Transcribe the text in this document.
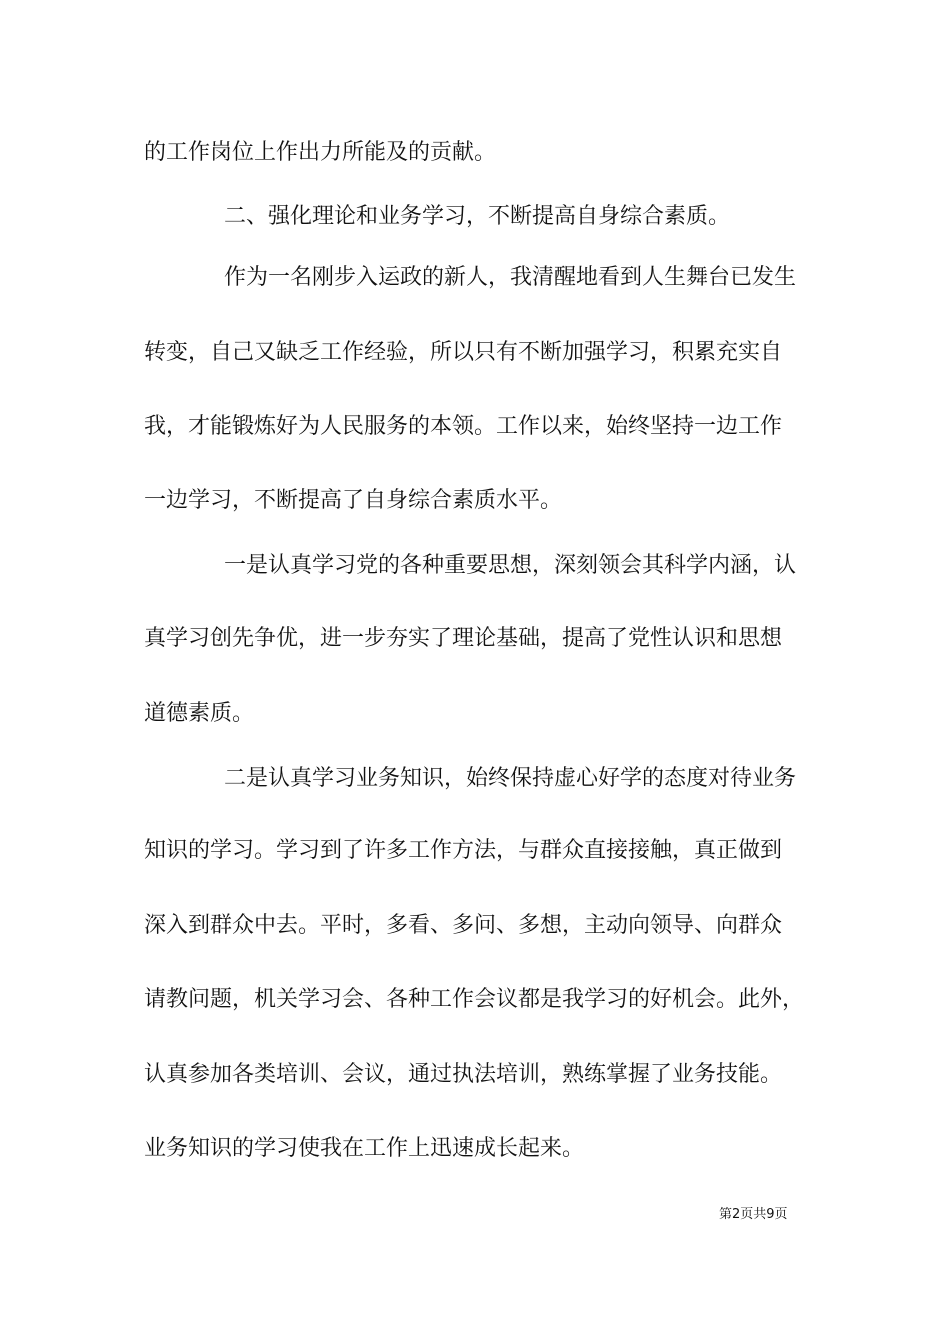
的工作岗位上作出力所能及的贡献。

二、强化理论和业务学习，不断提高自身综合素质。

作为一名刚步入运政的新人，我清醒地看到人生舞台已发生

转变，自己又缺乏工作经验，所以只有不断加强学习，积累充实自

我，才能锻炼好为人民服务的本领。工作以来，始终坚持一边工作

一边学习，不断提高了自身综合素质水平。

一是认真学习党的各种重要思想，深刻领会其科学内涵，认

真学习创先争优，进一步夯实了理论基础，提高了党性认识和思想

道德素质。

二是认真学习业务知识，始终保持虚心好学的态度对待业务

知识的学习。学习到了许多工作方法，与群众直接接触，真正做到

深入到群众中去。平时，多看、多问、多想，主动向领导、向群众

请教问题，机关学习会、各种工作会议都是我学习的好机会。此外，

认真参加各类培训、会议，通过执法培训，熟练掌握了业务技能。

业务知识的学习使我在工作上迅速成长起来。

第2页共9页
